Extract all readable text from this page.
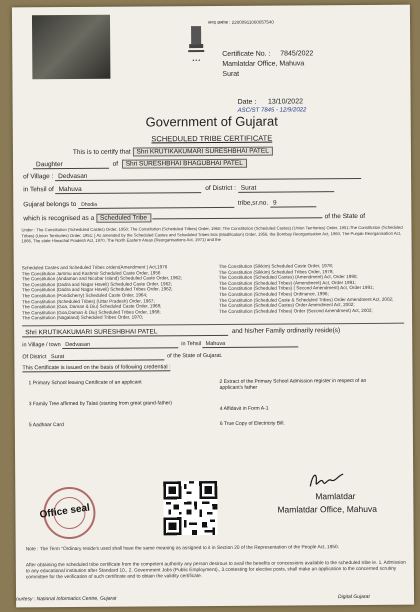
•••
सनद क्रमांक : 22000911000057540
Certificate No. : 7845/2022
Mamlatdar Office, Mahuva
Surat
Date : 13/10/2022
ASC/ST 7845 - 12/9/2022
Government of Gujarat
SCHEDULED TRIBE CERTIFICATE
This is to certify that Shri KRUTIKAKUMARI SURESHBHAI PATEL
Daughter	of Shri SURESHBHAI BHAGUBHAI PATEL
of Village : Dedvasan
in Tehsil of Mahuva	of District : Surat
Gujarat belongs to Dhodia	tribe,sr.no. 9
which is recognised as a Scheduled Tribe	of the State of
Under : The Constitution (Scheduled Castes) Order, 1950; The Constitution (Scheduled Tribes) Order, 1950; The Constitution (Scheduled Castes) (Union Territories) Order, 1951;The Constitution (Scheduled Tribes) (Union Territories) Order, 1951; [ As amended by the Scheduled Castes and Scheduled Tribes lists (Modification) Order, 1956, the Bombay Reorganisation Act, 1960, The Punjab Reorganisation Act, 1966, The state Himachal Pradesh Act, 1970, The North Eastern Areas (Reorganisations Act, 1971) and the
Scheduled Castes and Scheduled Tribes orders(Amendment ) Act,1976
The Constitution Jammu and Kashmir Scheduled Caste Order, 1956
The Constitution (Andaman and Nicobar Island) Scheduled Caste Order, 1962;
The Constitution (Dadra and Nagar Haveli) Scheduled Caste Order, 1962;
The Constitution (Dadra and Nagar Haveli) Scheduled Tribes Order, 1962;
The Constitution (Pondicherry) Scheduled Caste Order, 1964;
The Constitution (Scheduled Tribes) (Uttar Pradesh) Order, 1967;
The Constitution (Goa, Daman & Diu) Scheduled Caste Order, 1968;
The Constitution (Goa,Daman & Diu) Scheduled Tribes Order, 1968;
The Constitution (Nagaland) Scheduled Tribes Order, 1970;
The Constitution (Sikkim) Scheduled Caste Order, 1978;
The Constitution (Sikkim) Scheduled Tribes Order, 1978;
The Constitution (Scheduled Castes) (Amendment) Act, Order 1990;
The Constitution (Scheduled Tribes) (Amendment) Act, Order 1991;
The Constitution (Scheduled Tribes) ( Second Amendment) Act, Order 1991;
The Constitution (Scheduled Tribes) Ordinance, 1996;
The Constitution (Scheduled Caste & Scheduled Tribes) Order Amendment Act, 2002;
The Constitution (Scheduled Castes) Order Amendment Act, 2002;
The Constitution (Scheduled Tribes) Order (Second Amendment) Act, 2002;
Shri KRUTIKAKUMARI SURESHBHAI PATEL	and his/her Family ordinarily reside(s)
in Village / town Dedvasan	in Tehsil Mahuva
Of District Surat	of the State of Gujarat.
This Certificate is issued on the basis of following credential :
1 Primary School leaving Certificate of an applicant	2 Extract of the Primary School Admission register in respect of an applicant's father
3 Family Tree affirmed by Talati (starting from great grand-father)
4 Affidavit in Form A-1
5 Aadhaar Card	6 True Copy of Electricity Bill.
Office seal
Mamlatdar
Mamlatdar Office, Mahuva
Note : The Term "Ordinary reside's used shall have the same meaning as assigned to it in Section 20 of the Representation of the People Act, 1950.
After obtaining the scheduled tribe certificate from the competent authority any person desirous to avail the benefits or concessions available to the scheduled tribe ie. 1. Admission to any educational institution after Standard 10., 2. Government Jobs (Public Employment)., 3.contesting for elective posts, shall make an application to the concerned scrutiny committee for the verification of such certificate and to obtain the validity certificate.
ourtesy : National Informatics Centre, Gujarat	Digital Gujarat
